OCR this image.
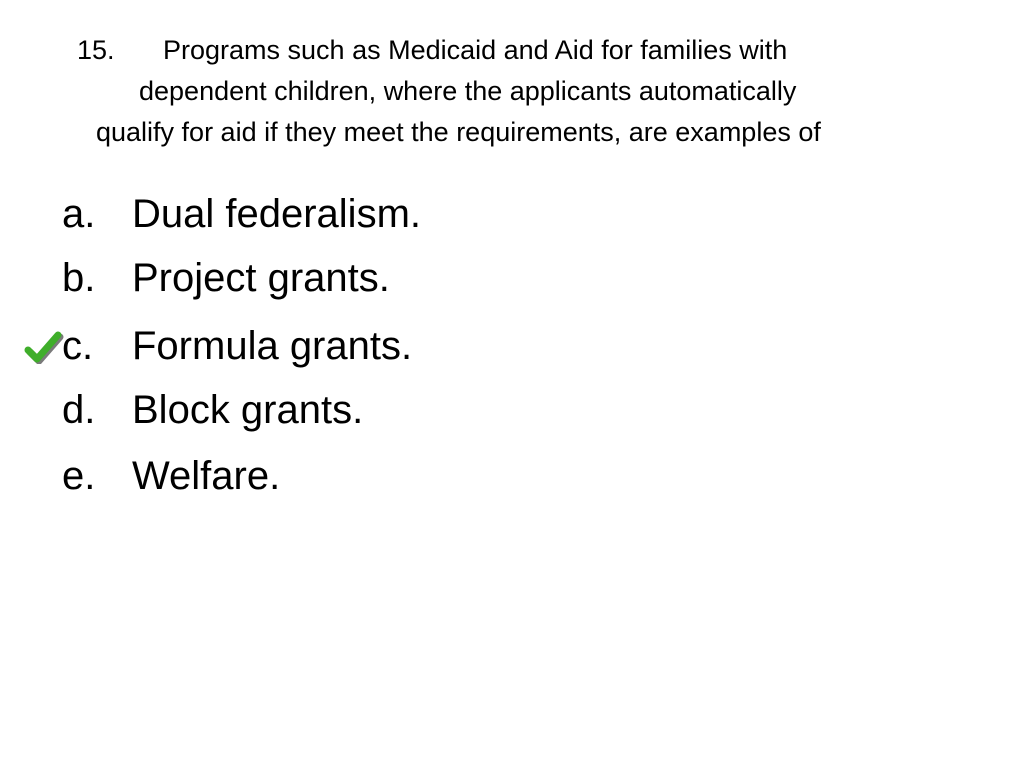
15. Programs such as Medicaid and Aid for families with
dependent children, where the applicants automatically
qualify for aid if they meet the requirements, are examples of
a. Dual federalism.
b. Project grants.
c. Formula grants.
d. Block grants.
e. Welfare.
